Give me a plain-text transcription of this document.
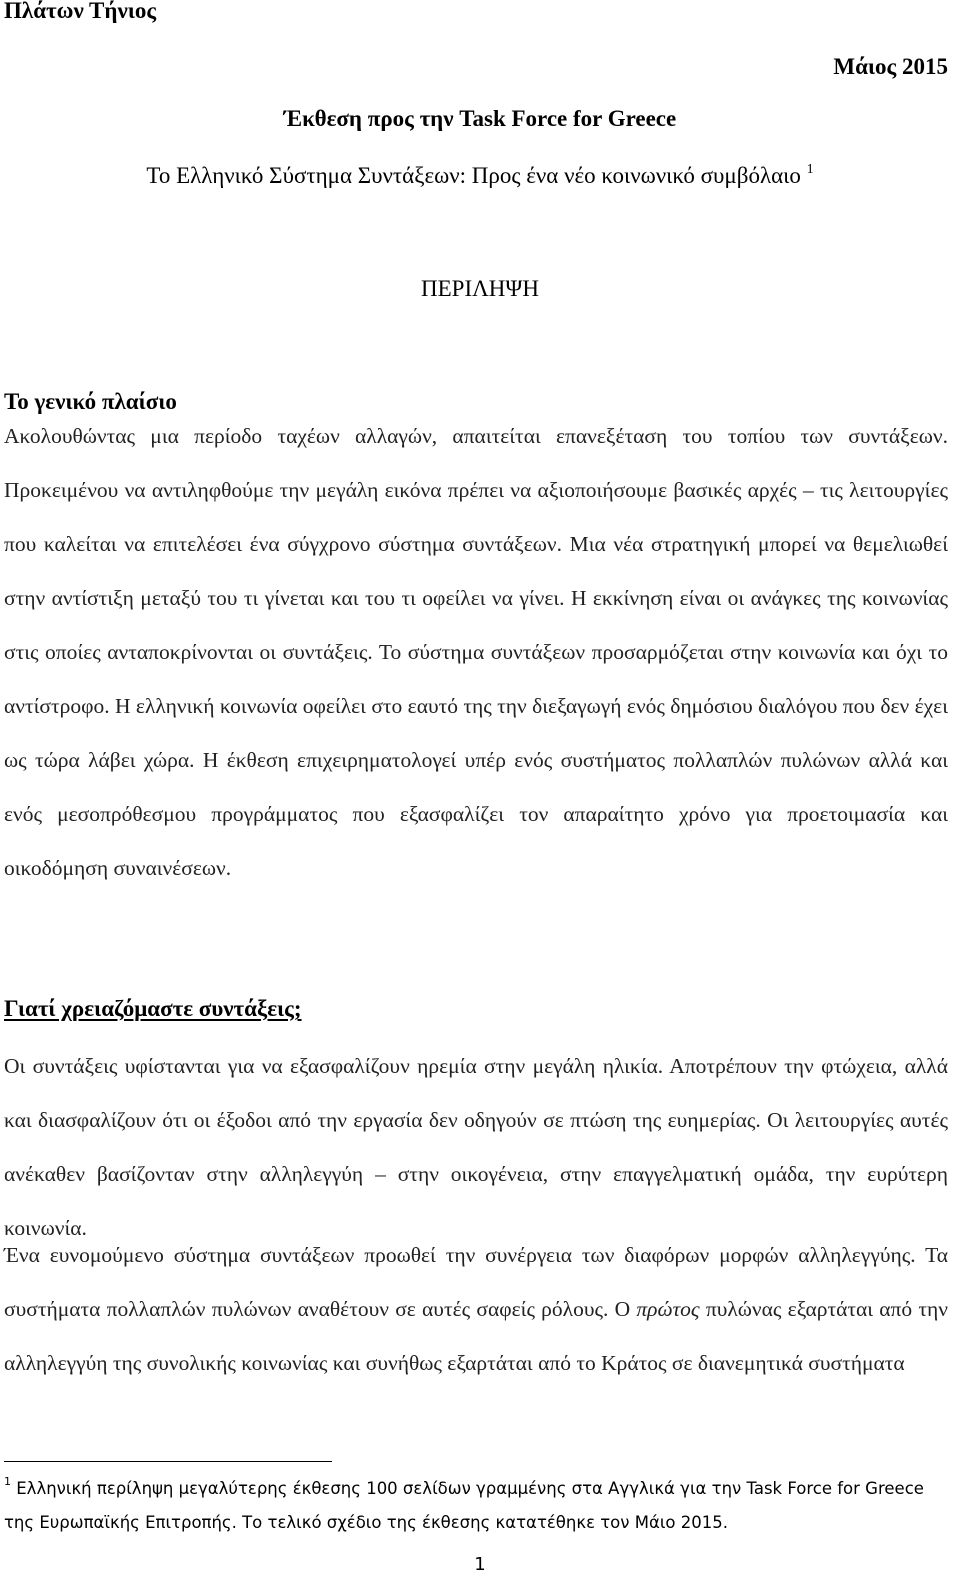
Πλάτων Τήνιος
Μάιος 2015
Έκθεση προς την Task Force for Greece
Το Ελληνικό Σύστημα Συντάξεων: Προς ένα νέο κοινωνικό συμβόλαιο $^1$
ΠΕΡΙΛΗΨΗ
Το γενικό πλαίσιο

Ακολουθώντας μια περίοδο ταχέων αλλαγών, απαιτείται επανεξέταση του τοπίου των συντάξεων. Προκειμένου να αντιληφθούμε την μεγάλη εικόνα πρέπει να αξιοποιήσουμε βασικές αρχές – τις λειτουργίες που καλείται να επιτελέσει ένα σύγχρονο σύστημα συντάξεων. Μια νέα στρατηγική μπορεί να θεμελιωθεί στην αντίστιξη μεταξύ του τι γίνεται και του τι οφείλει να γίνει. Η εκκίνηση είναι οι ανάγκες της κοινωνίας στις οποίες ανταποκρίνονται οι συντάξεις. Το σύστημα συντάξεων προσαρμόζεται στην κοινωνία και όχι το αντίστροφο. Η ελληνική κοινωνία οφείλει στο εαυτό της την διεξαγωγή ενός δημόσιου διαλόγου που δεν έχει ως τώρα λάβει χώρα. Η έκθεση επιχειρηματολογεί υπέρ ενός συστήματος πολλαπλών πυλώνων αλλά και ενός μεσοπρόθεσμου προγράμματος που εξασφαλίζει τον απαραίτητο χρόνο για προετοιμασία και οικοδόμηση συναινέσεων.

Γιατί χρειαζόμαστε συντάξεις;

Οι συντάξεις υφίστανται για να εξασφαλίζουν ηρεμία στην μεγάλη ηλικία. Αποτρέπουν την φτώχεια, αλλά και διασφαλίζουν ότι οι έξοδοι από την εργασία δεν οδηγούν σε πτώση της ευημερίας. Οι λειτουργίες αυτές ανέκαθεν βασίζονταν στην αλληλεγγύη – στην οικογένεια, στην επαγγελματική ομάδα, την ευρύτερη κοινωνία.

Ένα ευνομούμενο σύστημα συντάξεων προωθεί την συνέργεια των διαφόρων μορφών αλληλεγγύης. Τα συστήματα πολλαπλών πυλώνων αναθέτουν σε αυτές σαφείς ρόλους. Ο πρώτος πυλώνας εξαρτάται από την αλληλεγγύη της συνολικής κοινωνίας και συνήθως εξαρτάται από το Κράτος σε διανεμητικά συστήματα

$^1$ Ελληνική περίληψη μεγαλύτερης έκθεσης 100 σελίδων γραμμένης στα Αγγλικά για την Task Force for Greece της Ευρωπαϊκής Επιτροπής. Το τελικό σχέδιο της έκθεσης κατατέθηκε τον Μάιο 2015.

1
